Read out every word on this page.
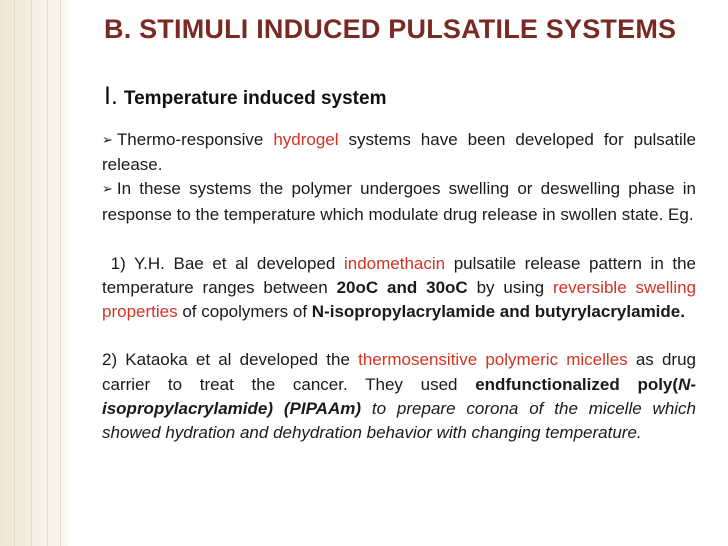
B. STIMULI INDUCED PULSATILE SYSTEMS
I. Temperature induced system

➢ Thermo-responsive hydrogel systems have been developed for pulsatile release.

➢ In these systems the polymer undergoes swelling or deswelling phase in response to the temperature which modulate drug release in swollen state. Eg.

1) Y.H. Bae et al developed indomethacin pulsatile release pattern in the temperature ranges between 20oC and 30oC by using reversible swelling properties of copolymers of N-isopropylacrylamide and butyrylacrylamide.

2) Kataoka et al developed the thermosensitive polymeric micelles as drug carrier to treat the cancer. They used endfunctionalized poly(N-isopropylacrylamide) (PIPAAm) to prepare corona of the micelle which showed hydration and dehydration behavior with changing temperature.
